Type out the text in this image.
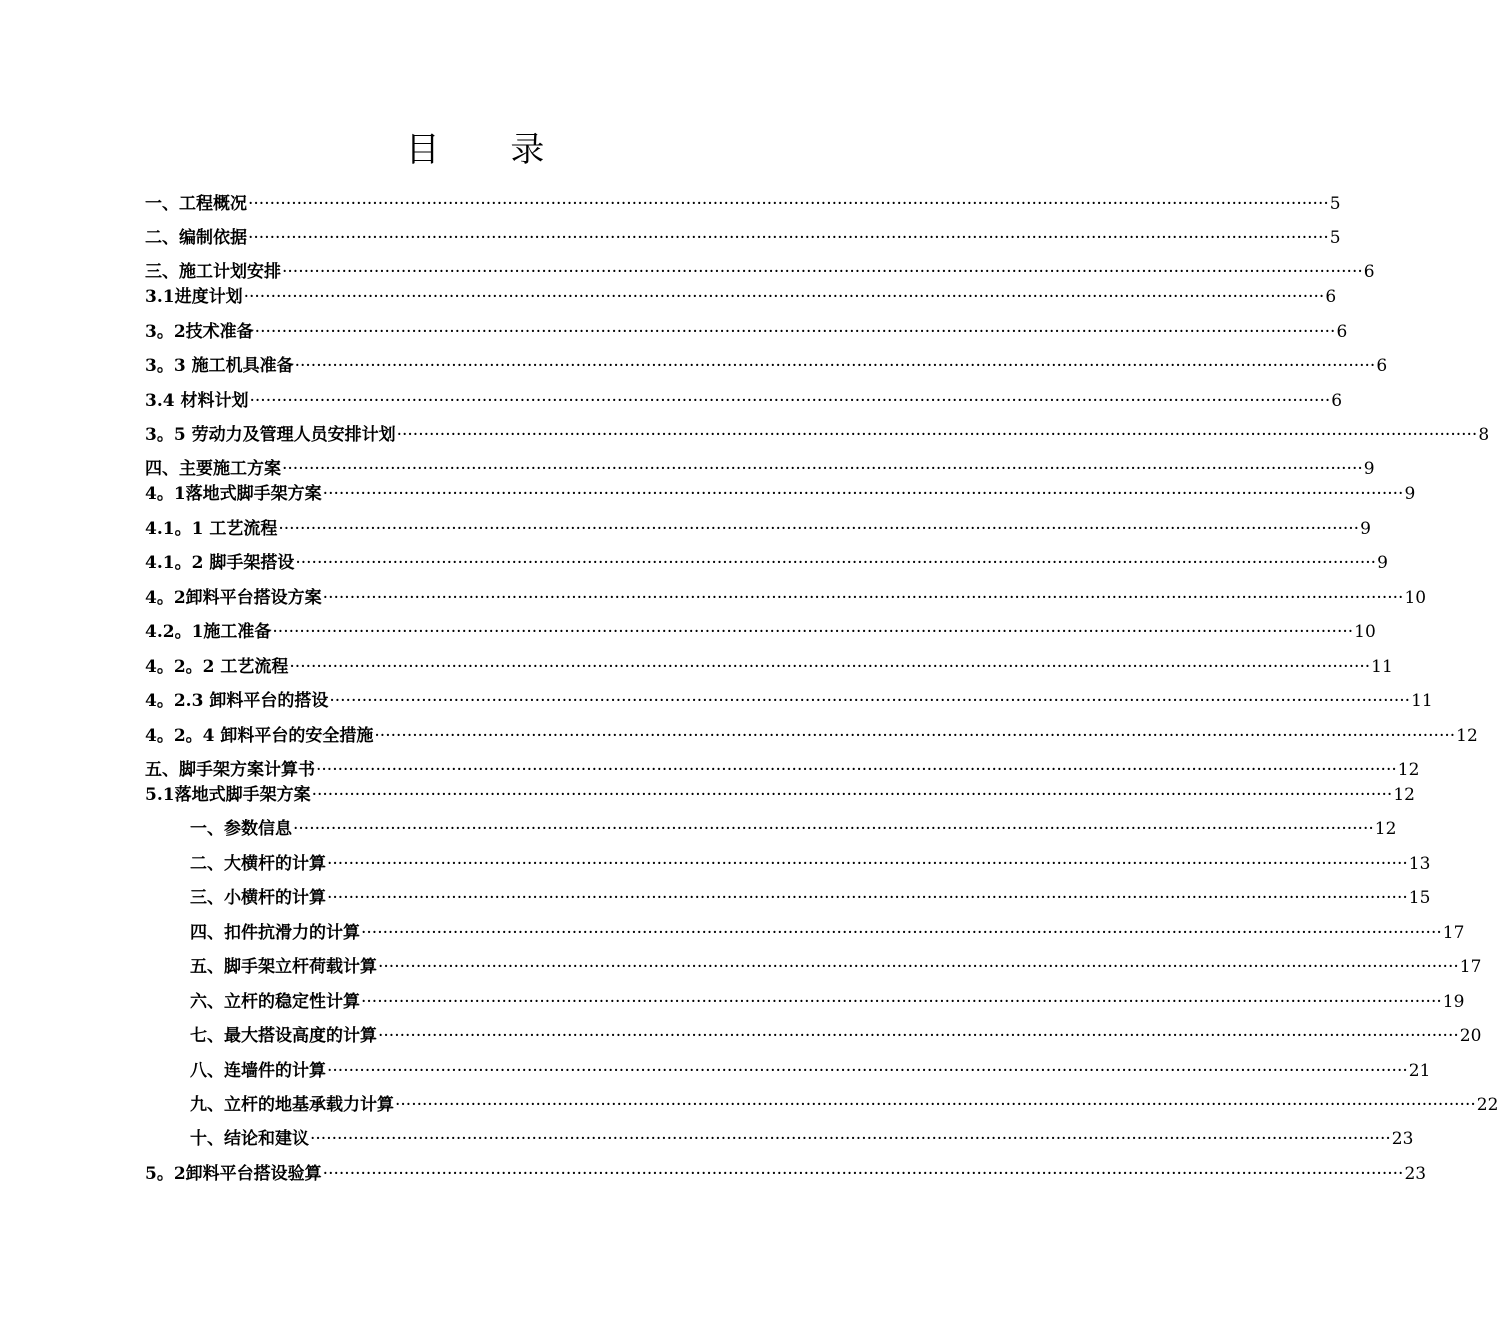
目 录
一、工程概况 ········································································································································································································ 5
二、编制依据 ········································································································································································································ 5
三、施工计划安排 ········································································································································································································ 6
3.1进度计划 ········································································································································································································ 6
3。2技术准备 ········································································································································································································ 6
3。3 施工机具准备 ········································································································································································································ 6
3.4 材料计划 ········································································································································································································ 6
3。5 劳动力及管理人员安排计划 ········································································································································································································ 8
四、主要施工方案 ········································································································································································································ 9
4。1落地式脚手架方案 ········································································································································································································ 9
4.1。1 工艺流程 ········································································································································································································ 9
4.1。2 脚手架搭设 ········································································································································································································ 9
4。2卸料平台搭设方案 ········································································································································································································ 10
4.2。1施工准备 ········································································································································································································ 10
4。2。2 工艺流程 ········································································································································································································ 11
4。2.3 卸料平台的搭设 ········································································································································································································ 11
4。2。4 卸料平台的安全措施 ········································································································································································································ 12
五、脚手架方案计算书 ········································································································································································································ 12
5.1落地式脚手架方案 ········································································································································································································ 12
一、参数信息 ········································································································································································································ 12
二、大横杆的计算 ········································································································································································································ 13
三、小横杆的计算 ········································································································································································································ 15
四、扣件抗滑力的计算 ········································································································································································································ 17
五、脚手架立杆荷载计算 ········································································································································································································ 17
六、立杆的稳定性计算 ········································································································································································································ 19
七、最大搭设高度的计算 ········································································································································································································ 20
八、连墙件的计算 ········································································································································································································ 21
九、立杆的地基承载力计算 ········································································································································································································ 22
十、结论和建议 ········································································································································································································ 23
5。2卸料平台搭设验算 ········································································································································································································ 23
